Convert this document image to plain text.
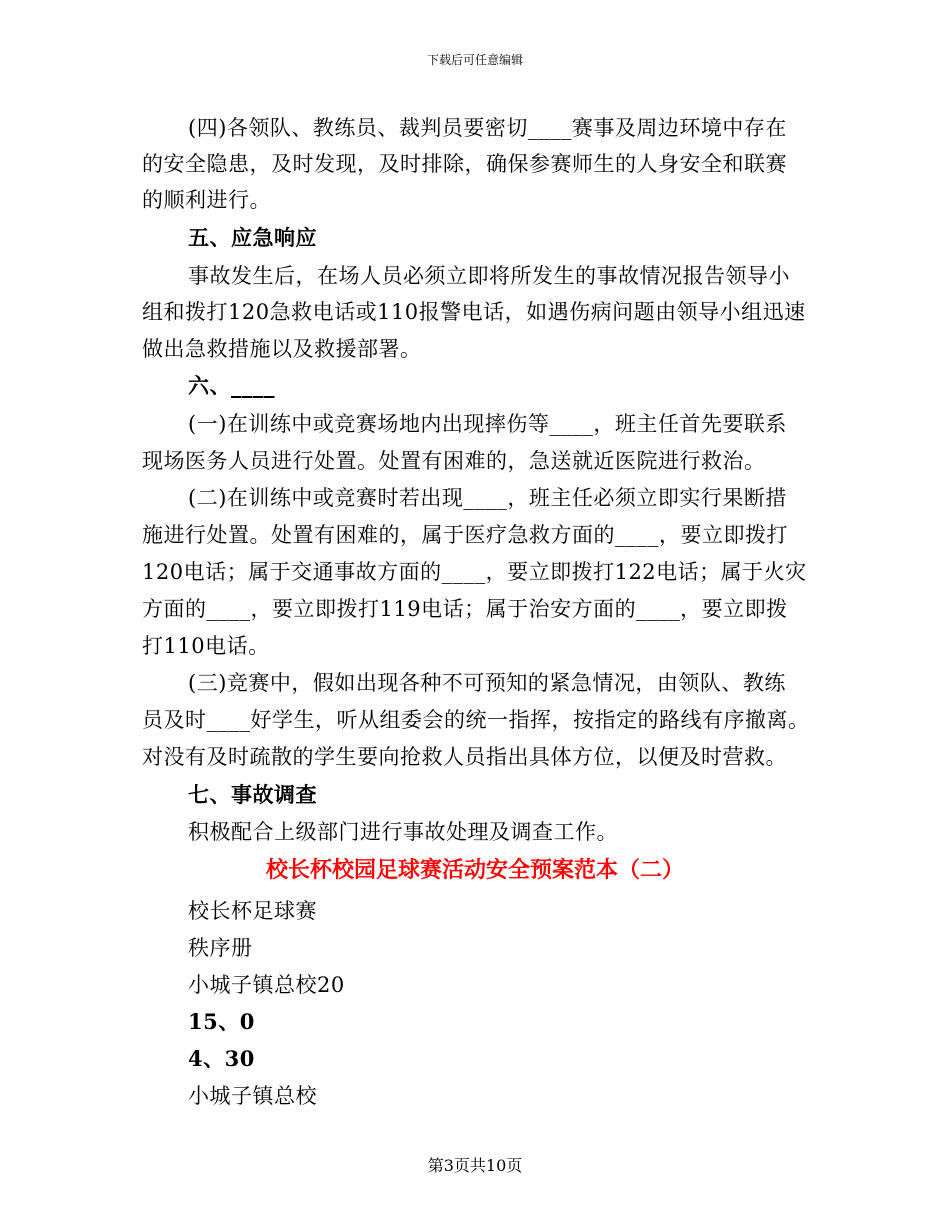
下载后可任意编辑
(四)各领队、教练员、裁判员要密切____赛事及周边环境中存在
的安全隐患，及时发现，及时排除，确保参赛师生的人身安全和联赛
的顺利进行。
五、应急响应
事故发生后，在场人员必须立即将所发生的事故情况报告领导小
组和拨打120急救电话或110报警电话，如遇伤病问题由领导小组迅速
做出急救措施以及救援部署。
六、____
(一)在训练中或竞赛场地内出现摔伤等____，班主任首先要联系
现场医务人员进行处置。处置有困难的，急送就近医院进行救治。
(二)在训练中或竞赛时若出现____，班主任必须立即实行果断措
施进行处置。处置有困难的，属于医疗急救方面的____，要立即拨打
120电话；属于交通事故方面的____，要立即拨打122电话；属于火灾
方面的____，要立即拨打119电话；属于治安方面的____，要立即拨
打110电话。
(三)竞赛中，假如出现各种不可预知的紧急情况，由领队、教练
员及时____好学生，听从组委会的统一指挥，按指定的路线有序撤离。
对没有及时疏散的学生要向抢救人员指出具体方位，以便及时营救。
七、事故调查
积极配合上级部门进行事故处理及调查工作。
校长杯校园足球赛活动安全预案范本（二）
校长杯足球赛
秩序册
小城子镇总校20
15、0
4、30
小城子镇总校
第3页共10页
